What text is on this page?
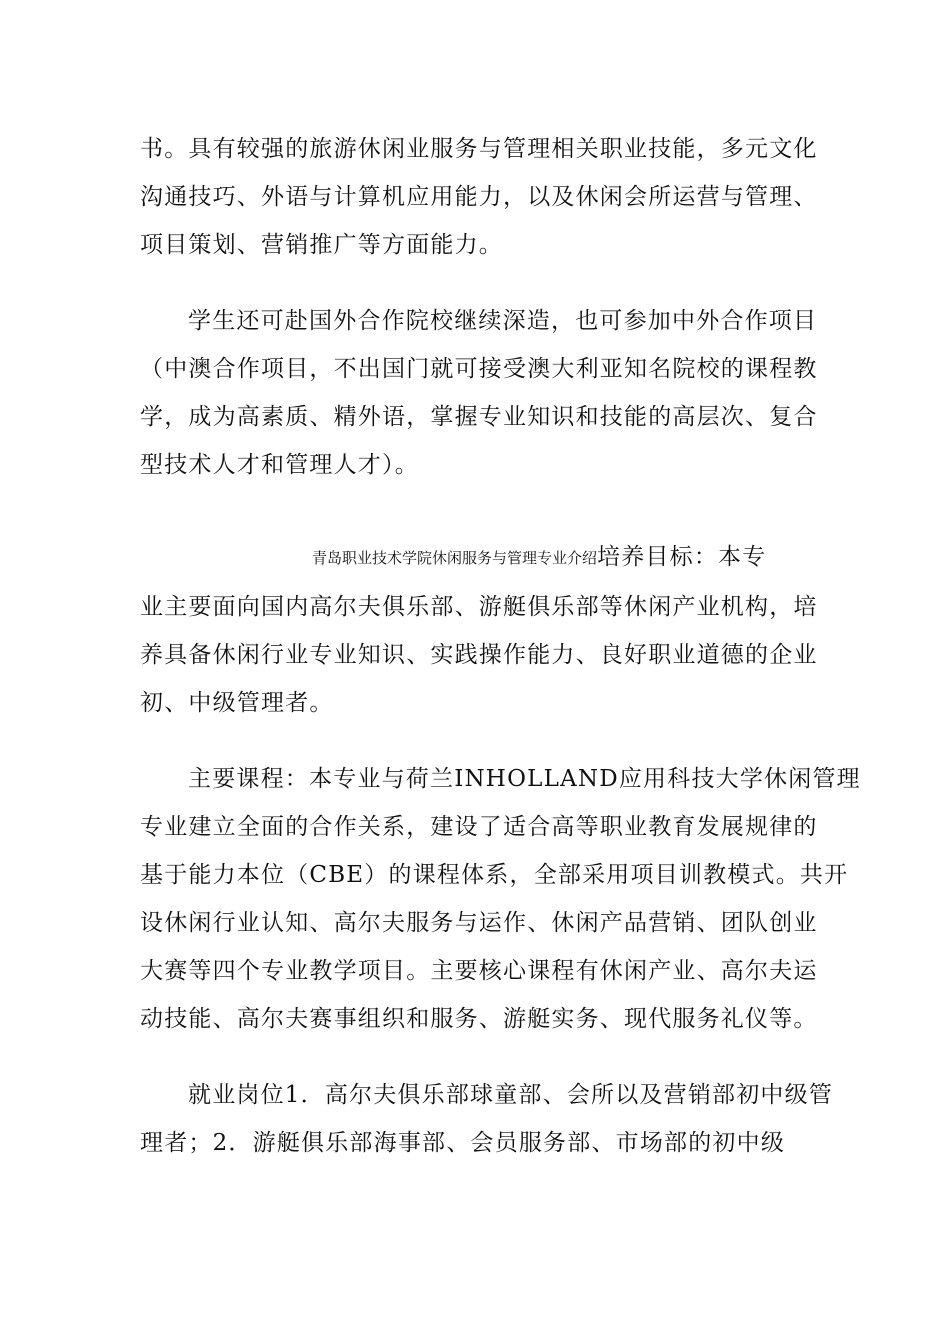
书。具有较强的旅游休闲业服务与管理相关职业技能，多元文化
沟通技巧、外语与计算机应用能力，以及休闲会所运营与管理、
项目策划、营销推广等方面能力。
学生还可赴国外合作院校继续深造，也可参加中外合作项目
（中澳合作项目，不出国门就可接受澳大利亚知名院校的课程教
学，成为高素质、精外语，掌握专业知识和技能的高层次、复合
型技术人才和管理人才）。
青岛职业技术学院休闲服务与管理专业介绍培养目标：本专
业主要面向国内高尔夫俱乐部、游艇俱乐部等休闲产业机构，培
养具备休闲行业专业知识、实践操作能力、良好职业道德的企业
初、中级管理者。
主要课程：本专业与荷兰INHOLLAND应用科技大学休闲管理
专业建立全面的合作关系，建设了适合高等职业教育发展规律的
基于能力本位（CBE）的课程体系，全部采用项目训教模式。共开
设休闲行业认知、高尔夫服务与运作、休闲产品营销、团队创业
大赛等四个专业教学项目。主要核心课程有休闲产业、高尔夫运
动技能、高尔夫赛事组织和服务、游艇实务、现代服务礼仪等。
就业岗位1．高尔夫俱乐部球童部、会所以及营销部初中级管
理者；2．游艇俱乐部海事部、会员服务部、市场部的初中级
